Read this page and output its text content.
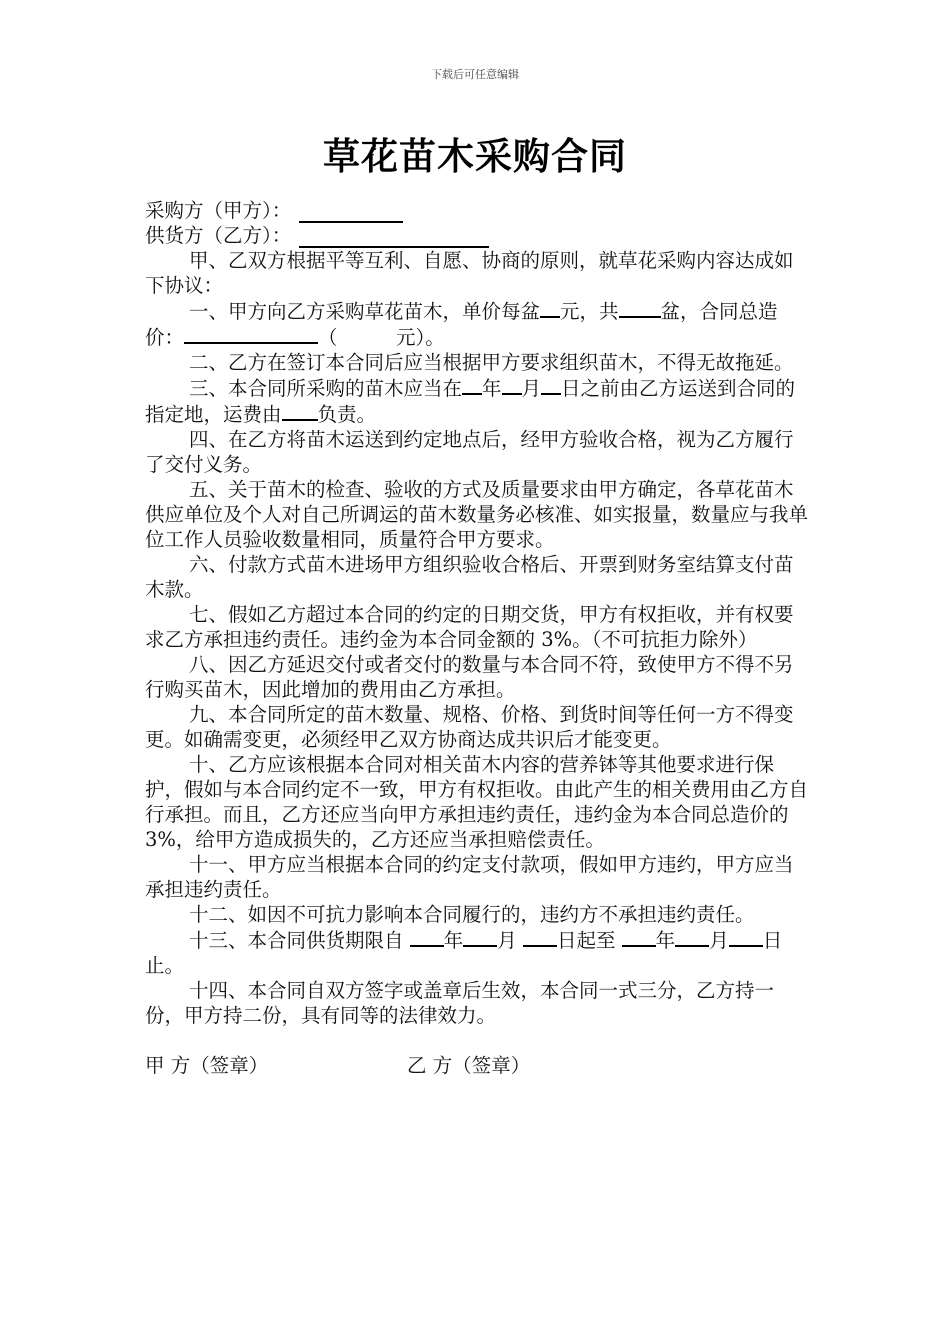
下载后可任意编辑
草花苗木采购合同

采购方（甲方）：

供货方（乙方）：

甲、乙双方根据平等互利、自愿、协商的原则，就草花采购内容达成如下协议：

一、甲方向乙方采购草花苗木，单价每盆 元，共 盆，合同总造价：	（　　　元）。

二、乙方在签订本合同后应当根据甲方要求组织苗木，不得无故拖延。

三、本合同所采购的苗木应当在 年 月 日之前由乙方运送到合同的指定地，运费由 负责。

四、在乙方将苗木运送到约定地点后，经甲方验收合格，视为乙方履行了交付义务。

五、关于苗木的检查、验收的方式及质量要求由甲方确定，各草花苗木供应单位及个人对自己所调运的苗木数量务必核准、如实报量，数量应与我单位工作人员验收数量相同，质量符合甲方要求。

六、付款方式苗木进场甲方组织验收合格后、开票到财务室结算支付苗木款。

七、假如乙方超过本合同的约定的日期交货，甲方有权拒收，并有权要求乙方承担违约责任。违约金为本合同金额的 3%。（不可抗拒力除外）

八、因乙方延迟交付或者交付的数量与本合同不符，致使甲方不得不另行购买苗木，因此增加的费用由乙方承担。

九、本合同所定的苗木数量、规格、价格、到货时间等任何一方不得变更。如确需变更，必须经甲乙双方协商达成共识后才能变更。

十、乙方应该根据本合同对相关苗木内容的营养钵等其他要求进行保护，假如与本合同约定不一致，甲方有权拒收。由此产生的相关费用由乙方自行承担。而且，乙方还应当向甲方承担违约责任，违约金为本合同总造价的 3%，给甲方造成损失的，乙方还应当承担赔偿责任。

十一、甲方应当根据本合同的约定支付款项，假如甲方违约，甲方应当承担违约责任。

十二、如因不可抗力影响本合同履行的，违约方不承担违约责任。

十三、本合同供货期限自 年 月 日起至 年 月 日止。

十四、本合同自双方签字或盖章后生效，本合同一式三分，乙方持一份，甲方持二份，具有同等的法律效力。

甲 方（签章）	乙 方（签章）
